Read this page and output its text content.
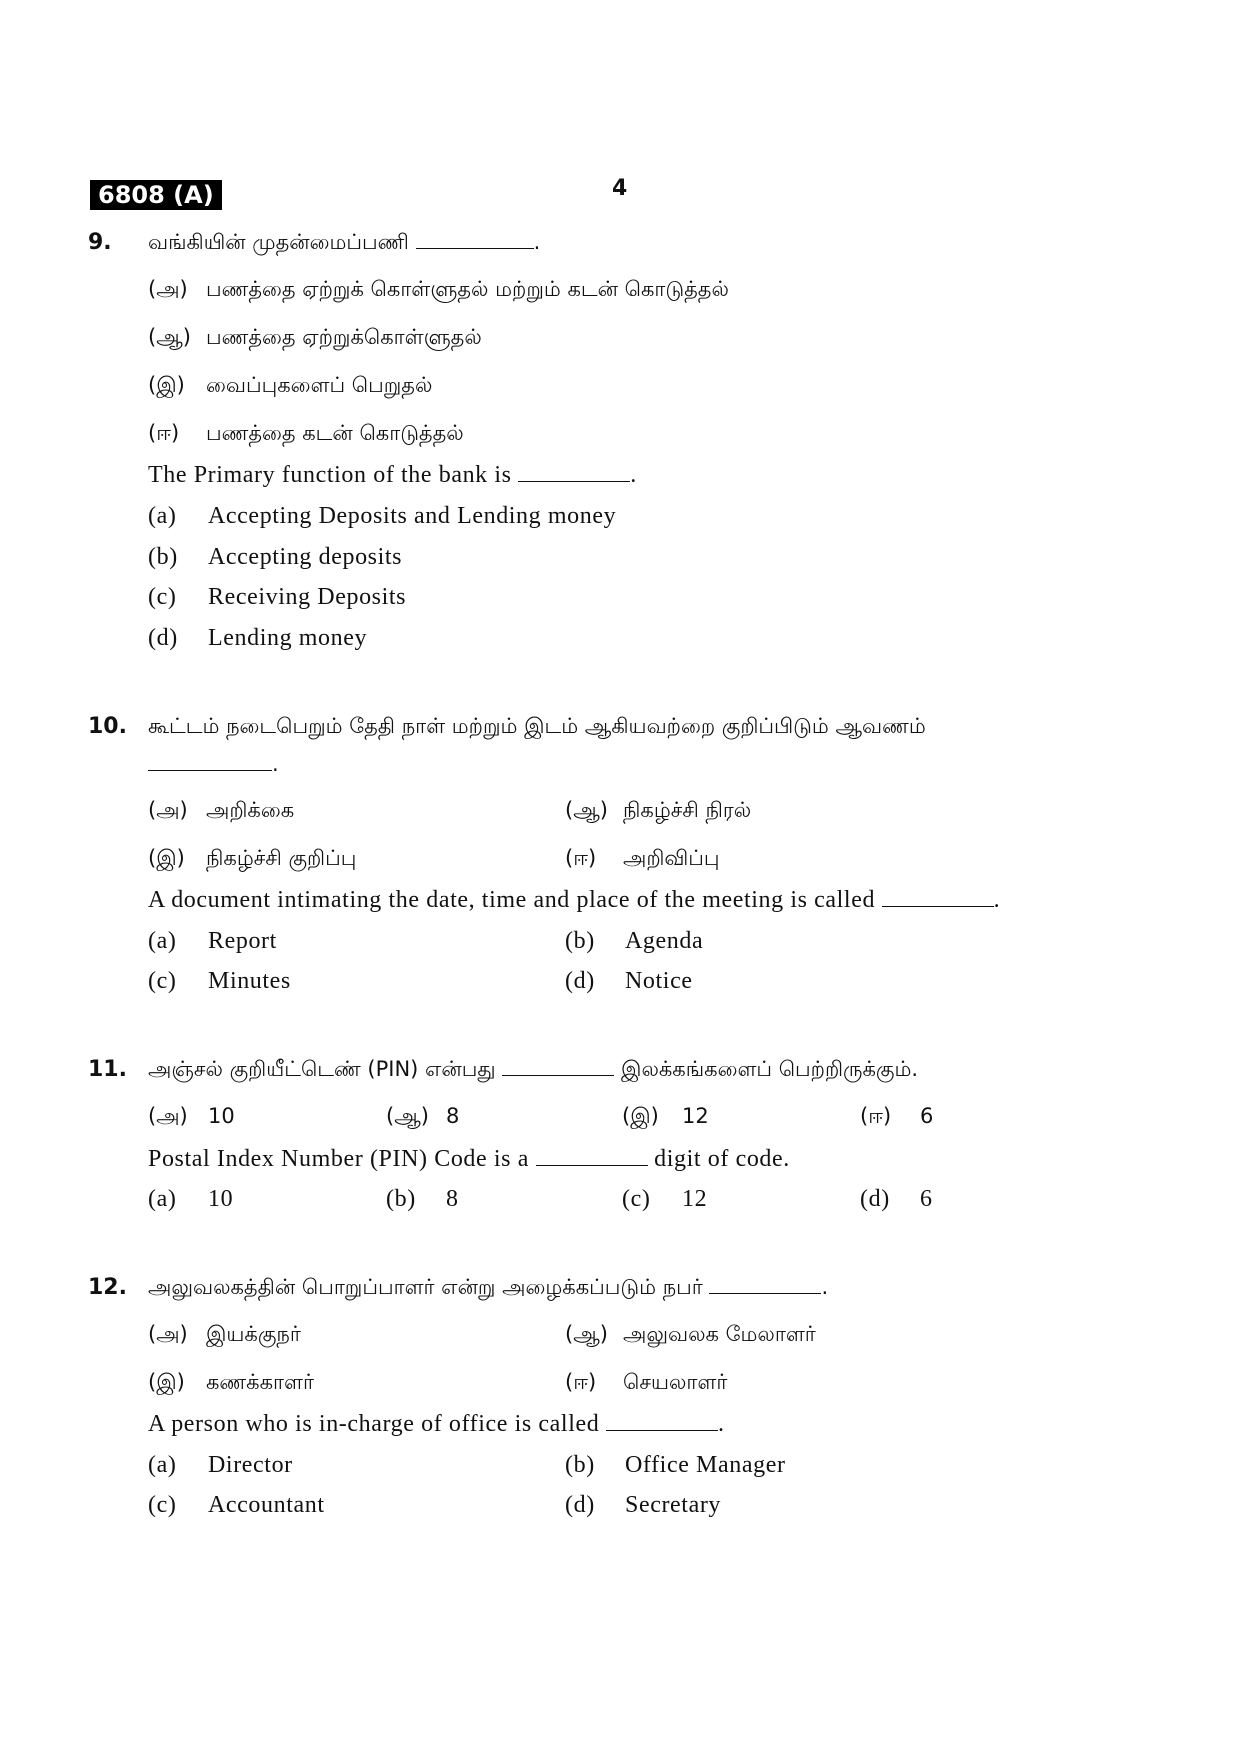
6808 (A)	4
9. வங்கியின் முதன்மைப்பணி	.
(அ) பணத்தை ஏற்றுக் கொள்ளுதல் மற்றும் கடன் கொடுத்தல்
(ஆ) பணத்தை ஏற்றுக்கொள்ளுதல்
(இ) வைப்புகளைப் பெறுதல்
(ஈ) பணத்தை கடன் கொடுத்தல்
The Primary function of the bank is	.
(a) Accepting Deposits and Lending money
(b) Accepting deposits
(c) Receiving Deposits
(d) Lending money
10. கூட்டம் நடைபெறும் தேதி நாள் மற்றும் இடம் ஆகியவற்றை குறிப்பிடும் ஆவணம்
.
(அ) அறிக்கை	(ஆ) நிகழ்ச்சி நிரல்
(இ) நிகழ்ச்சி குறிப்பு	(ஈ) அறிவிப்பு
A document intimating the date, time and place of the meeting is called	.
(a) Report	(b) Agenda
(c) Minutes	(d) Notice
11. அஞ்சல் குறியீட்டெண் (PIN) என்பது	இலக்கங்களைப் பெற்றிருக்கும்.
(அ) 10	(ஆ) 8	(இ) 12	(ஈ) 6
Postal Index Number (PIN) Code is a	digit of code.
(a) 10	(b) 8	(c) 12	(d) 6
12. அலுவலகத்தின் பொறுப்பாளர் என்று அழைக்கப்படும் நபர்	.
(அ) இயக்குநர்	(ஆ) அலுவலக மேலாளர்
(இ) கணக்காளர்	(ஈ) செயலாளர்
A person who is in-charge of office is called	.
(a) Director	(b) Office Manager
(c) Accountant	(d) Secretary
